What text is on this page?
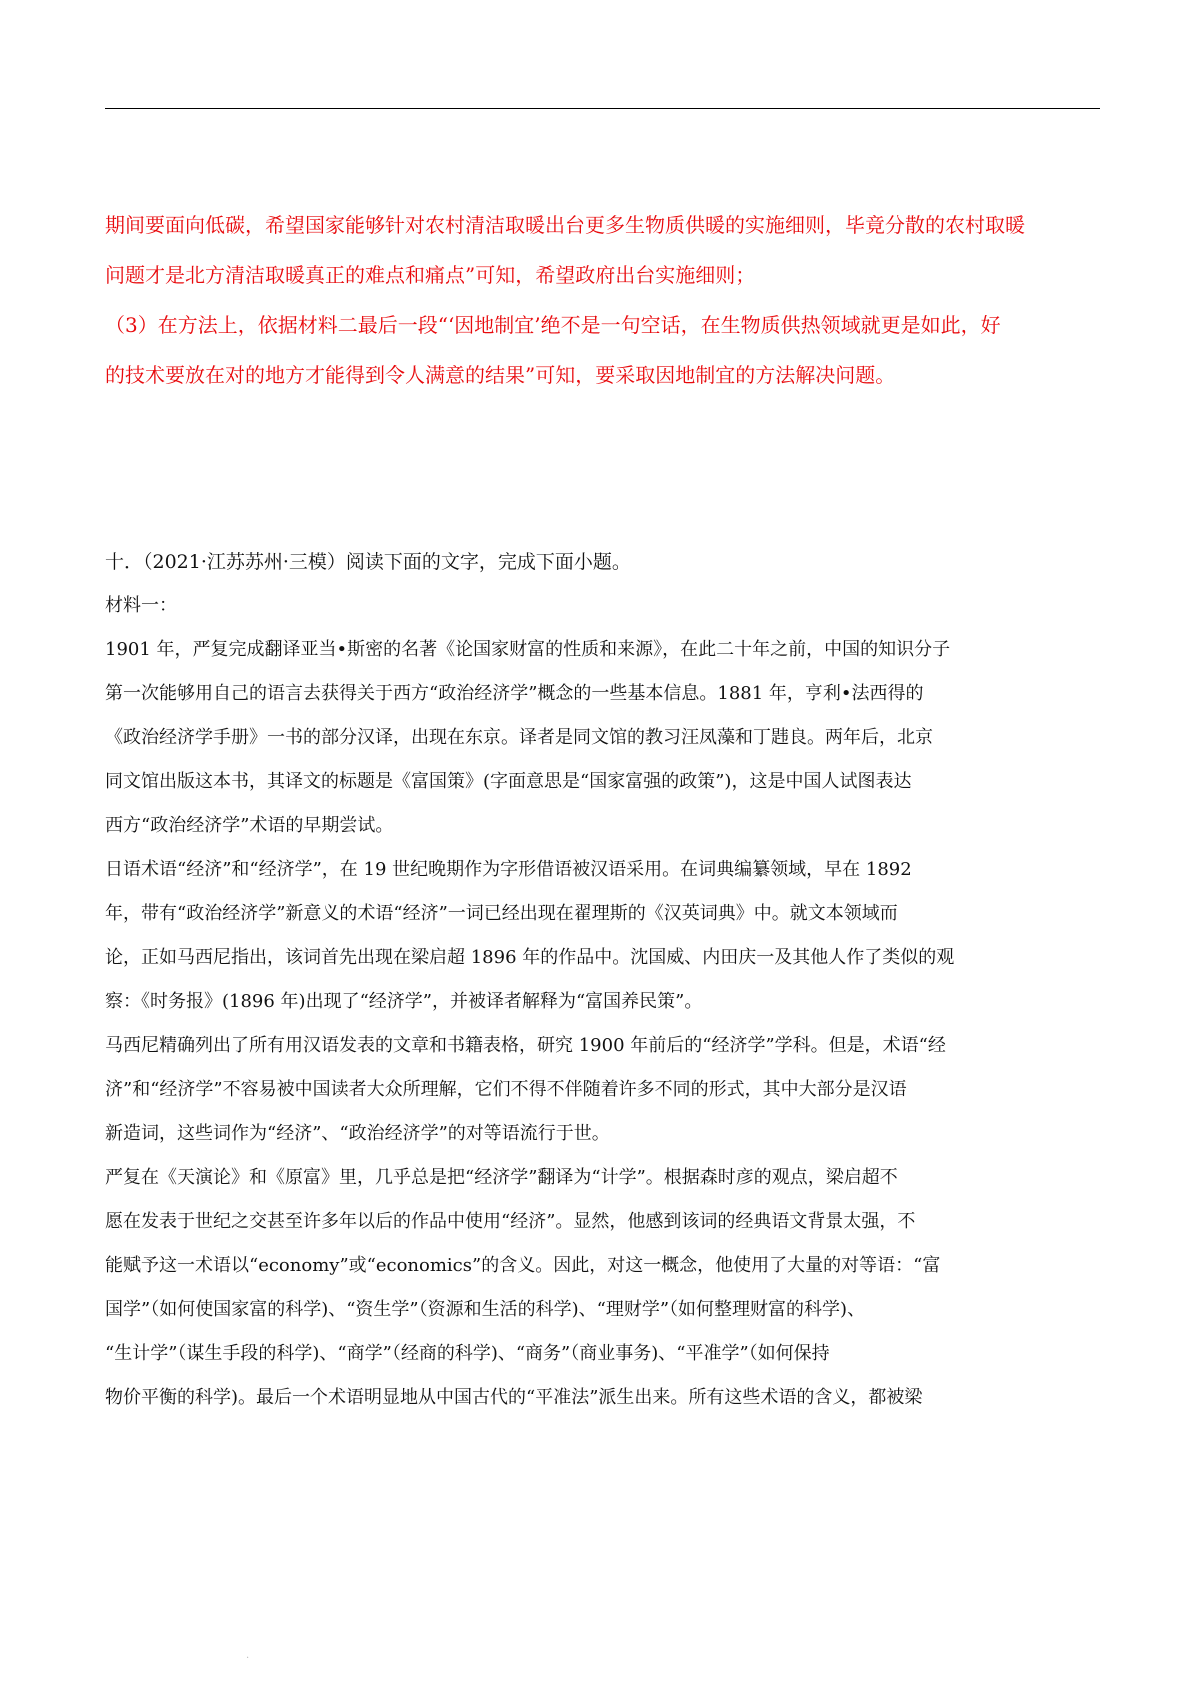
期间要面向低碳，希望国家能够针对农村清洁取暖出台更多生物质供暖的实施细则，毕竟分散的农村取暖

问题才是北方清洁取暖真正的难点和痛点”可知，希望政府出台实施细则；

（3）在方法上，依据材料二最后一段“‘因地制宜’绝不是一句空话，在生物质供热领域就更是如此，好

的技术要放在对的地方才能得到令人满意的结果”可知，要采取因地制宜的方法解决问题。

十．（2021·江苏苏州·三模）阅读下面的文字，完成下面小题。

材料一：

1901 年，严复完成翻译亚当•斯密的名著《论国家财富的性质和来源》，在此二十年之前，中国的知识分子

第一次能够用自己的语言去获得关于西方“政治经济学”概念的一些基本信息。1881 年，亨利•法西得的

《政治经济学手册》一书的部分汉译，出现在东京。译者是同文馆的教习汪凤藻和丁韪良。两年后，北京

同文馆出版这本书，其译文的标题是《富国策》(字面意思是“国家富强的政策”)，这是中国人试图表达

西方“政治经济学”术语的早期尝试。

日语术语“经济”和“经济学”，在 19 世纪晚期作为字形借语被汉语采用。在词典编纂领域，早在 1892

年，带有“政治经济学”新意义的术语“经济”一词已经出现在翟理斯的《汉英词典》中。就文本领域而

论，正如马西尼指出，该词首先出现在梁启超 1896 年的作品中。沈国威、内田庆一及其他人作了类似的观

察：《时务报》(1896 年)出现了“经济学”，并被译者解释为“富国养民策”。

马西尼精确列出了所有用汉语发表的文章和书籍表格，研究 1900 年前后的“经济学”学科。但是，术语“经

济”和“经济学”不容易被中国读者大众所理解，它们不得不伴随着许多不同的形式，其中大部分是汉语

新造词，这些词作为“经济”、“政治经济学”的对等语流行于世。

严复在《天演论》和《原富》里，几乎总是把“经济学”翻译为“计学”。根据森时彦的观点，梁启超不

愿在发表于世纪之交甚至许多年以后的作品中使用“经济”。显然，他感到该词的经典语文背景太强，不

能赋予这一术语以“economy”或“economics”的含义。因此，对这一概念，他使用了大量的对等语：“富

国学”（如何使国家富的科学)、“资生学”（资源和生活的科学)、“理财学”（如何整理财富的科学)、

“生计学”（谋生手段的科学)、“商学”（经商的科学)、“商务”（商业事务)、“平准学”（如何保持

物价平衡的科学)。最后一个术语明显地从中国古代的“平准法”派生出来。所有这些术语的含义，都被梁

.
